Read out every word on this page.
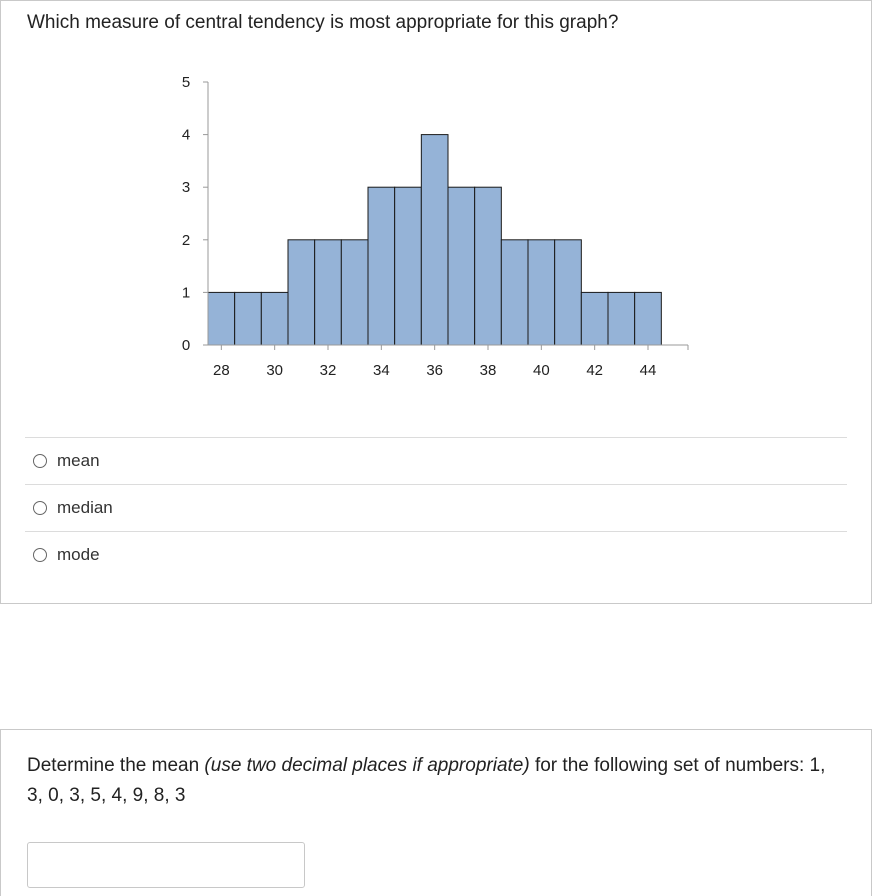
Which measure of central tendency is most appropriate for this graph?
0
1
2
3
4
5
28 30 32 34 36 38 40 42 44
mean
median
mode
Determine the mean (use two decimal places if appropriate) for the following set of numbers: 1, 3, 0, 3, 5, 4, 9, 8, 3
